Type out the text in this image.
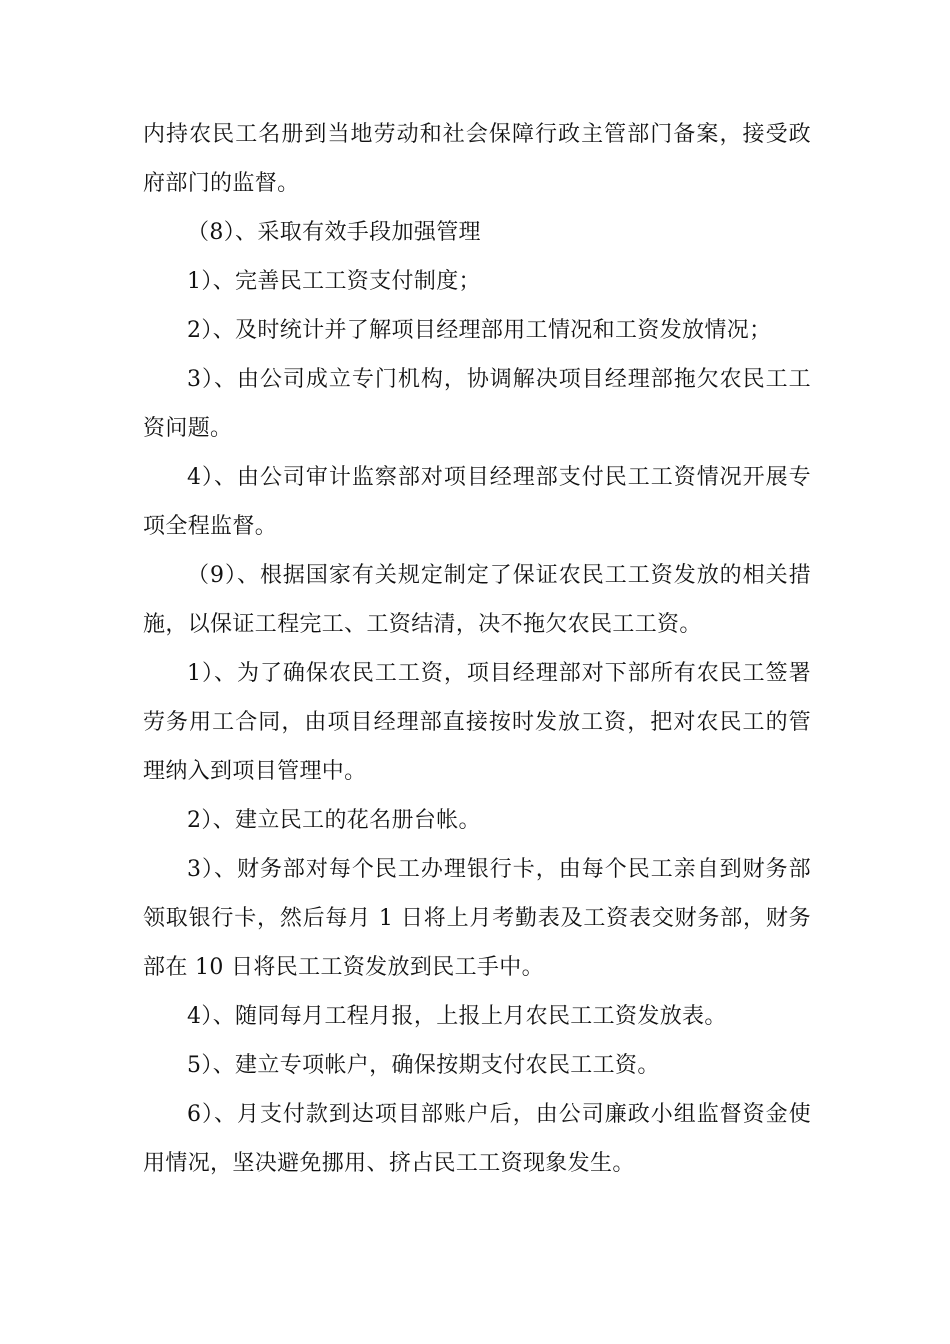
内持农民工名册到当地劳动和社会保障行政主管部门备案，接受政府部门的监督。

（8）、采取有效手段加强管理

1）、完善民工工资支付制度；

2）、及时统计并了解项目经理部用工情况和工资发放情况；

3）、由公司成立专门机构，协调解决项目经理部拖欠农民工工资问题。

4）、由公司审计监察部对项目经理部支付民工工资情况开展专项全程监督。

（9）、根据国家有关规定制定了保证农民工工资发放的相关措施，以保证工程完工、工资结清，决不拖欠农民工工资。

1）、为了确保农民工工资，项目经理部对下部所有农民工签署劳务用工合同，由项目经理部直接按时发放工资，把对农民工的管理纳入到项目管理中。

2）、建立民工的花名册台帐。

3）、财务部对每个民工办理银行卡，由每个民工亲自到财务部领取银行卡，然后每月 1 日将上月考勤表及工资表交财务部，财务部在 10 日将民工工资发放到民工手中。

4）、随同每月工程月报，上报上月农民工工资发放表。

5）、建立专项帐户，确保按期支付农民工工资。

6）、月支付款到达项目部账户后，由公司廉政小组监督资金使用情况，坚决避免挪用、挤占民工工资现象发生。
